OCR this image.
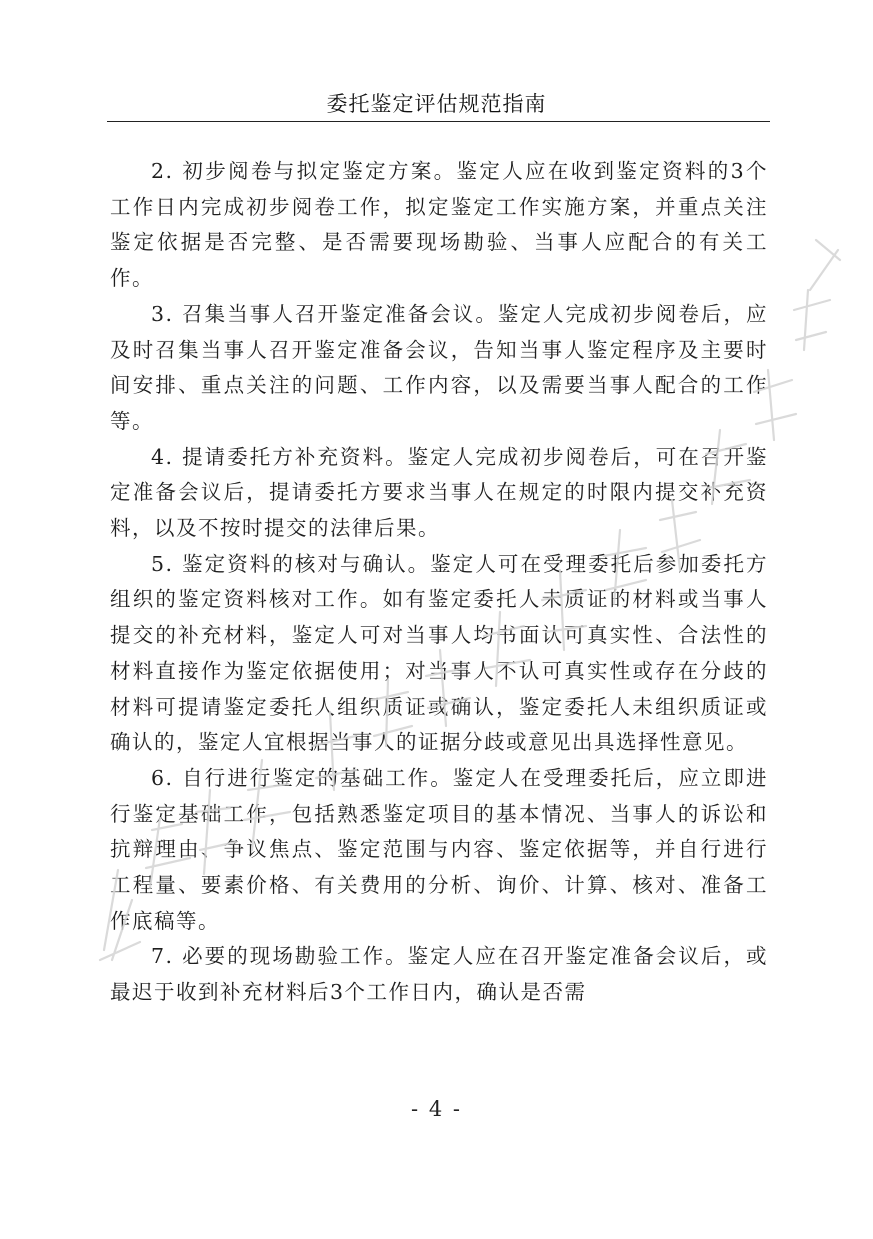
委托鉴定评估规范指南

2. 初步阅卷与拟定鉴定方案。鉴定人应在收到鉴定资料的3个工作日内完成初步阅卷工作，拟定鉴定工作实施方案，并重点关注鉴定依据是否完整、是否需要现场勘验、当事人应配合的有关工作。

3. 召集当事人召开鉴定准备会议。鉴定人完成初步阅卷后，应及时召集当事人召开鉴定准备会议，告知当事人鉴定程序及主要时间安排、重点关注的问题、工作内容，以及需要当事人配合的工作等。

4. 提请委托方补充资料。鉴定人完成初步阅卷后，可在召开鉴定准备会议后，提请委托方要求当事人在规定的时限内提交补充资料，以及不按时提交的法律后果。

5. 鉴定资料的核对与确认。鉴定人可在受理委托后参加委托方组织的鉴定资料核对工作。如有鉴定委托人未质证的材料或当事人提交的补充材料，鉴定人可对当事人均书面认可真实性、合法性的材料直接作为鉴定依据使用；对当事人不认可真实性或存在分歧的材料可提请鉴定委托人组织质证或确认，鉴定委托人未组织质证或确认的，鉴定人宜根据当事人的证据分歧或意见出具选择性意见。

6. 自行进行鉴定的基础工作。鉴定人在受理委托后，应立即进行鉴定基础工作，包括熟悉鉴定项目的基本情况、当事人的诉讼和抗辩理由、争议焦点、鉴定范围与内容、鉴定依据等，并自行进行工程量、要素价格、有关费用的分析、询价、计算、核对、准备工作底稿等。

7. 必要的现场勘验工作。鉴定人应在召开鉴定准备会议后，或最迟于收到补充材料后3个工作日内，确认是否需

- 4 -
